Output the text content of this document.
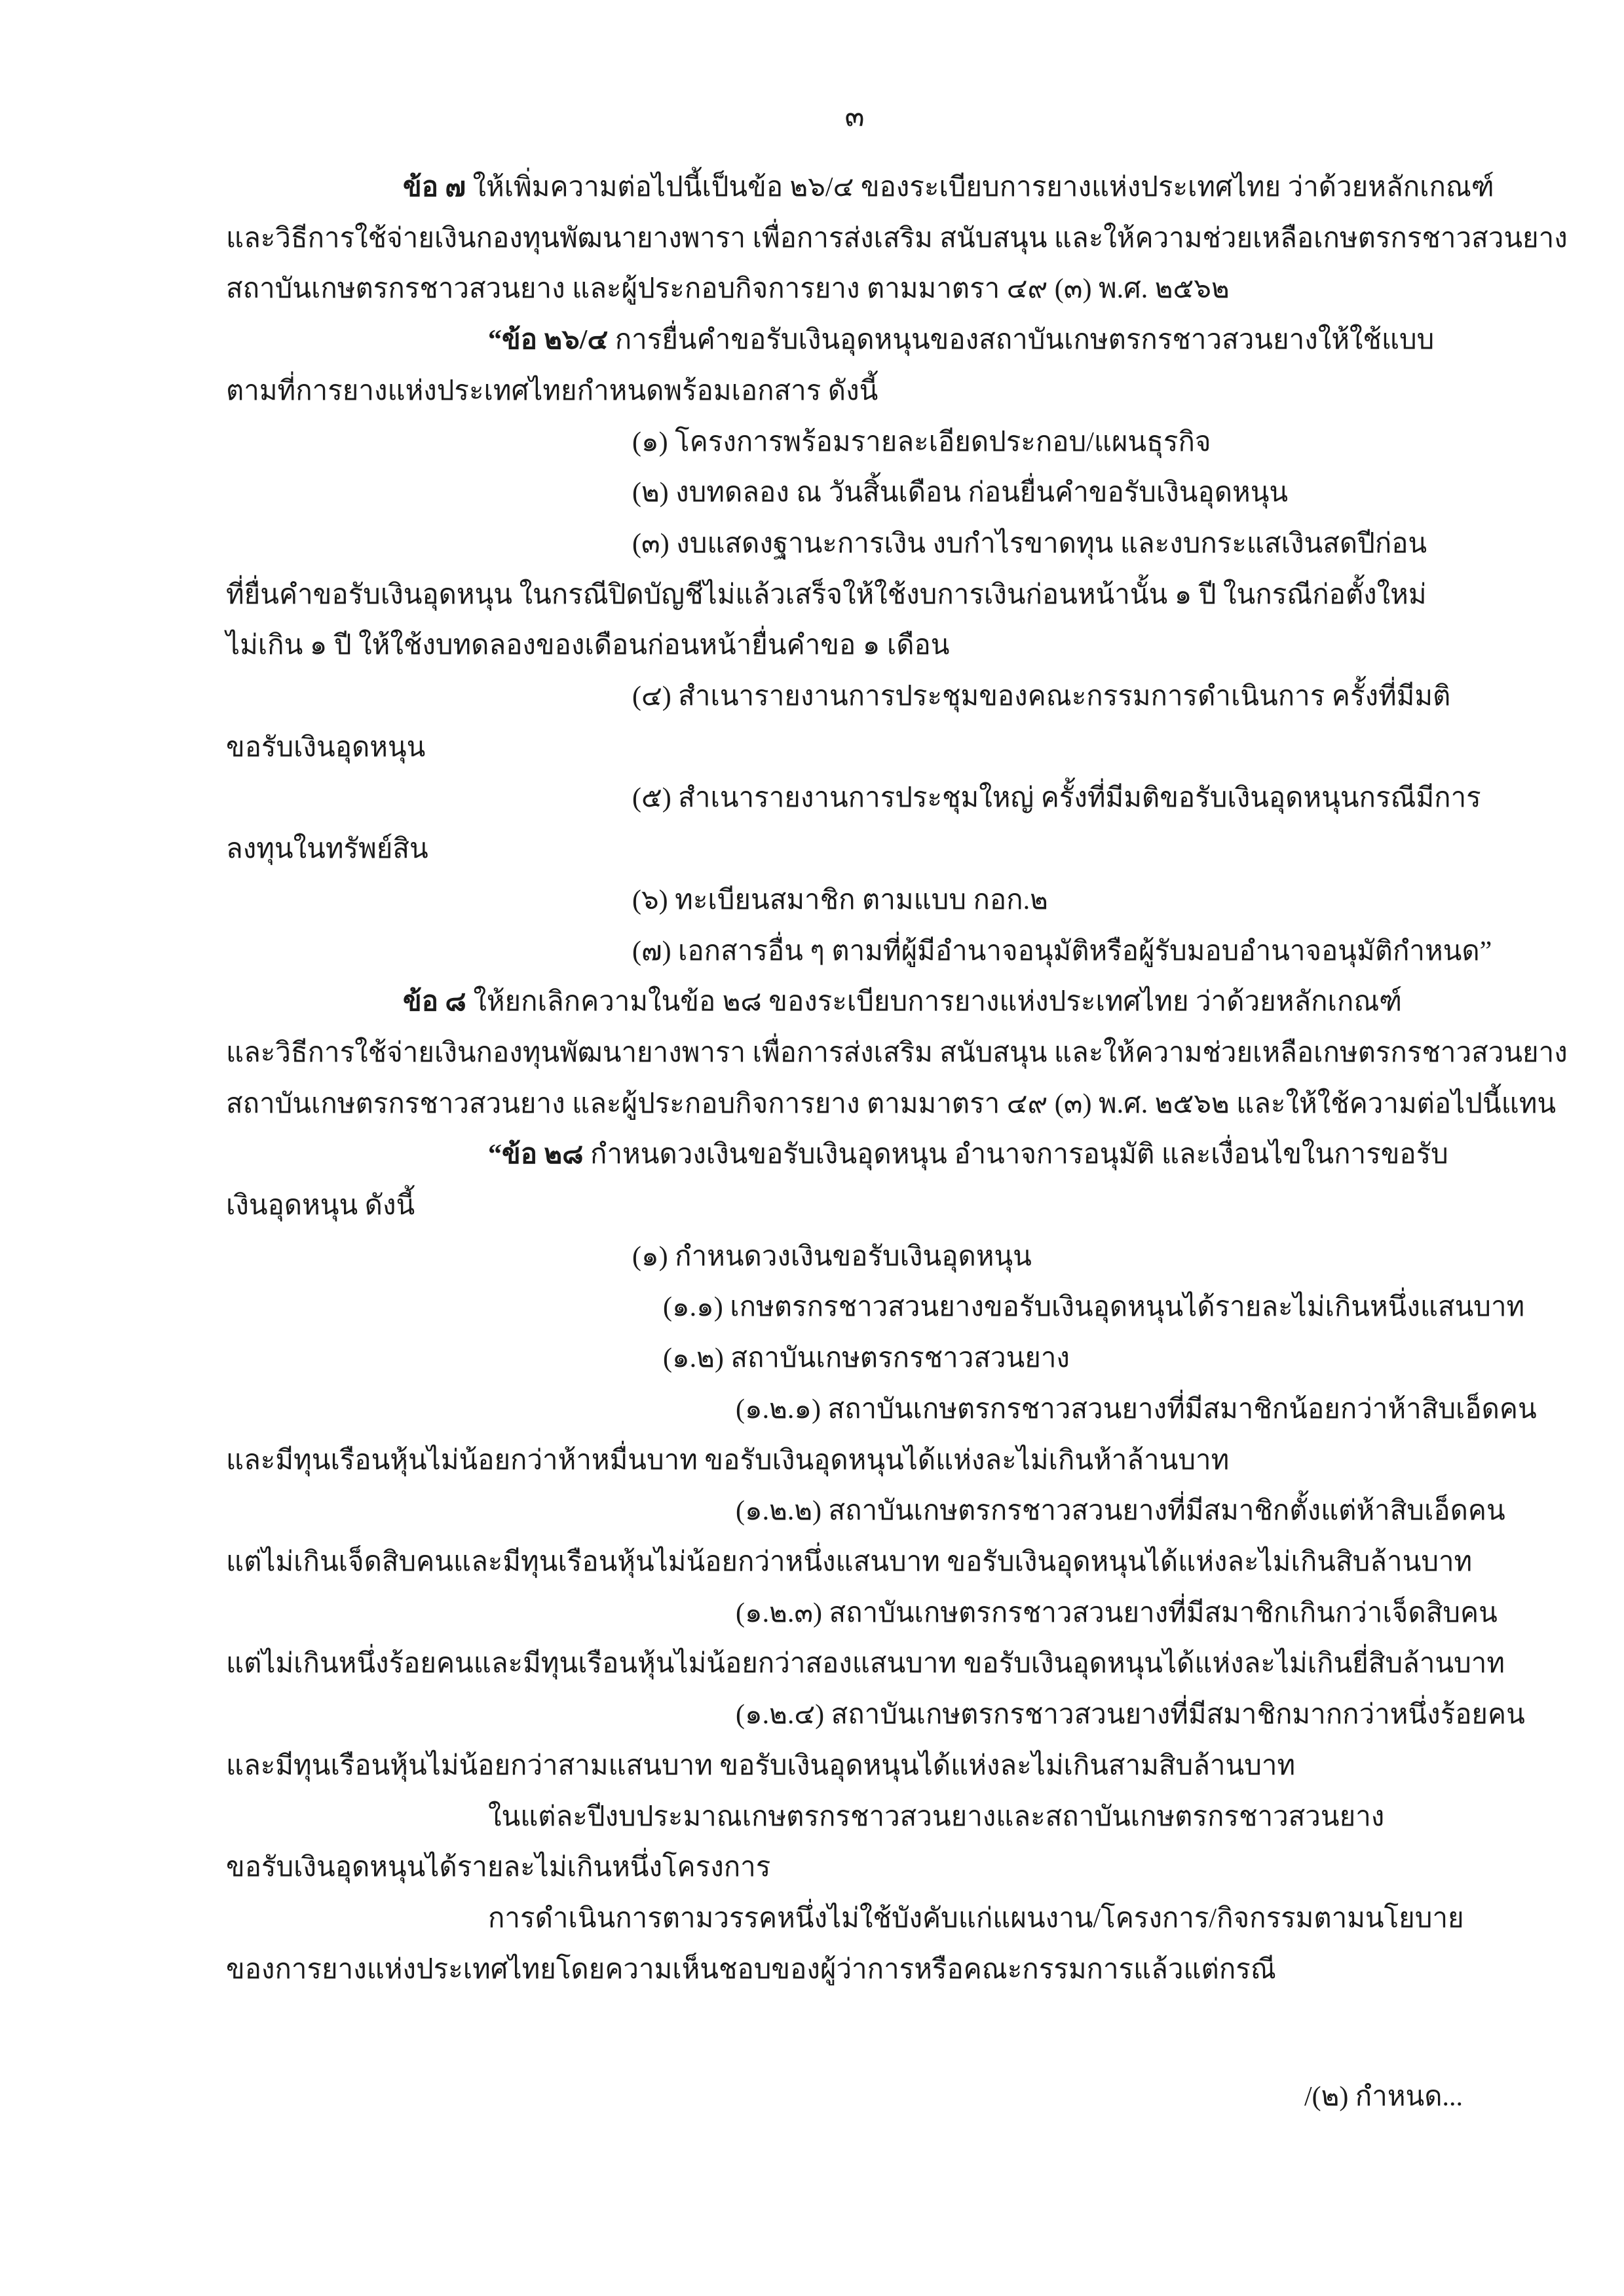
๓
ข้อ ๗ ให้เพิ่มความต่อไปนี้เป็นข้อ ๒๖/๔ ของระเบียบการยางแห่งประเทศไทย ว่าด้วยหลักเกณฑ์
และวิธีการใช้จ่ายเงินกองทุนพัฒนายางพารา เพื่อการส่งเสริม สนับสนุน และให้ความช่วยเหลือเกษตรกรชาวสวนยาง
สถาบันเกษตรกรชาวสวนยาง และผู้ประกอบกิจการยาง ตามมาตรา ๔๙ (๓) พ.ศ. ๒๕๖๒
“ข้อ ๒๖/๔ การยื่นคำขอรับเงินอุดหนุนของสถาบันเกษตรกรชาวสวนยางให้ใช้แบบ
ตามที่การยางแห่งประเทศไทยกำหนดพร้อมเอกสาร ดังนี้
(๑) โครงการพร้อมรายละเอียดประกอบ/แผนธุรกิจ
(๒) งบทดลอง ณ วันสิ้นเดือน ก่อนยื่นคำขอรับเงินอุดหนุน
(๓) งบแสดงฐานะการเงิน งบกำไรขาดทุน และงบกระแสเงินสดปีก่อน
ที่ยื่นคำขอรับเงินอุดหนุน ในกรณีปิดบัญชีไม่แล้วเสร็จให้ใช้งบการเงินก่อนหน้านั้น ๑ ปี ในกรณีก่อตั้งใหม่
ไม่เกิน ๑ ปี ให้ใช้งบทดลองของเดือนก่อนหน้ายื่นคำขอ ๑ เดือน
(๔) สำเนารายงานการประชุมของคณะกรรมการดำเนินการ ครั้งที่มีมติ
ขอรับเงินอุดหนุน
(๕) สำเนารายงานการประชุมใหญ่ ครั้งที่มีมติขอรับเงินอุดหนุนกรณีมีการ
ลงทุนในทรัพย์สิน
(๖) ทะเบียนสมาชิก ตามแบบ กอก.๒
(๗) เอกสารอื่น ๆ ตามที่ผู้มีอำนาจอนุมัติหรือผู้รับมอบอำนาจอนุมัติกำหนด”
ข้อ ๘ ให้ยกเลิกความในข้อ ๒๘ ของระเบียบการยางแห่งประเทศไทย ว่าด้วยหลักเกณฑ์
และวิธีการใช้จ่ายเงินกองทุนพัฒนายางพารา เพื่อการส่งเสริม สนับสนุน และให้ความช่วยเหลือเกษตรกรชาวสวนยาง
สถาบันเกษตรกรชาวสวนยาง และผู้ประกอบกิจการยาง ตามมาตรา ๔๙ (๓) พ.ศ. ๒๕๖๒ และให้ใช้ความต่อไปนี้แทน
“ข้อ ๒๘ กำหนดวงเงินขอรับเงินอุดหนุน อำนาจการอนุมัติ และเงื่อนไขในการขอรับ
เงินอุดหนุน ดังนี้
(๑) กำหนดวงเงินขอรับเงินอุดหนุน
(๑.๑) เกษตรกรชาวสวนยางขอรับเงินอุดหนุนได้รายละไม่เกินหนึ่งแสนบาท
(๑.๒) สถาบันเกษตรกรชาวสวนยาง
(๑.๒.๑) สถาบันเกษตรกรชาวสวนยางที่มีสมาชิกน้อยกว่าห้าสิบเอ็ดคน
และมีทุนเรือนหุ้นไม่น้อยกว่าห้าหมื่นบาท ขอรับเงินอุดหนุนได้แห่งละไม่เกินห้าล้านบาท
(๑.๒.๒) สถาบันเกษตรกรชาวสวนยางที่มีสมาชิกตั้งแต่ห้าสิบเอ็ดคน
แต่ไม่เกินเจ็ดสิบคนและมีทุนเรือนหุ้นไม่น้อยกว่าหนึ่งแสนบาท ขอรับเงินอุดหนุนได้แห่งละไม่เกินสิบล้านบาท
(๑.๒.๓) สถาบันเกษตรกรชาวสวนยางที่มีสมาชิกเกินกว่าเจ็ดสิบคน
แต่ไม่เกินหนึ่งร้อยคนและมีทุนเรือนหุ้นไม่น้อยกว่าสองแสนบาท ขอรับเงินอุดหนุนได้แห่งละไม่เกินยี่สิบล้านบาท
(๑.๒.๔) สถาบันเกษตรกรชาวสวนยางที่มีสมาชิกมากกว่าหนึ่งร้อยคน
และมีทุนเรือนหุ้นไม่น้อยกว่าสามแสนบาท ขอรับเงินอุดหนุนได้แห่งละไม่เกินสามสิบล้านบาท
ในแต่ละปีงบประมาณเกษตรกรชาวสวนยางและสถาบันเกษตรกรชาวสวนยาง
ขอรับเงินอุดหนุนได้รายละไม่เกินหนึ่งโครงการ
การดำเนินการตามวรรคหนึ่งไม่ใช้บังคับแก่แผนงาน/โครงการ/กิจกรรมตามนโยบาย
ของการยางแห่งประเทศไทยโดยความเห็นชอบของผู้ว่าการหรือคณะกรรมการแล้วแต่กรณี
/(๒) กำหนด...
